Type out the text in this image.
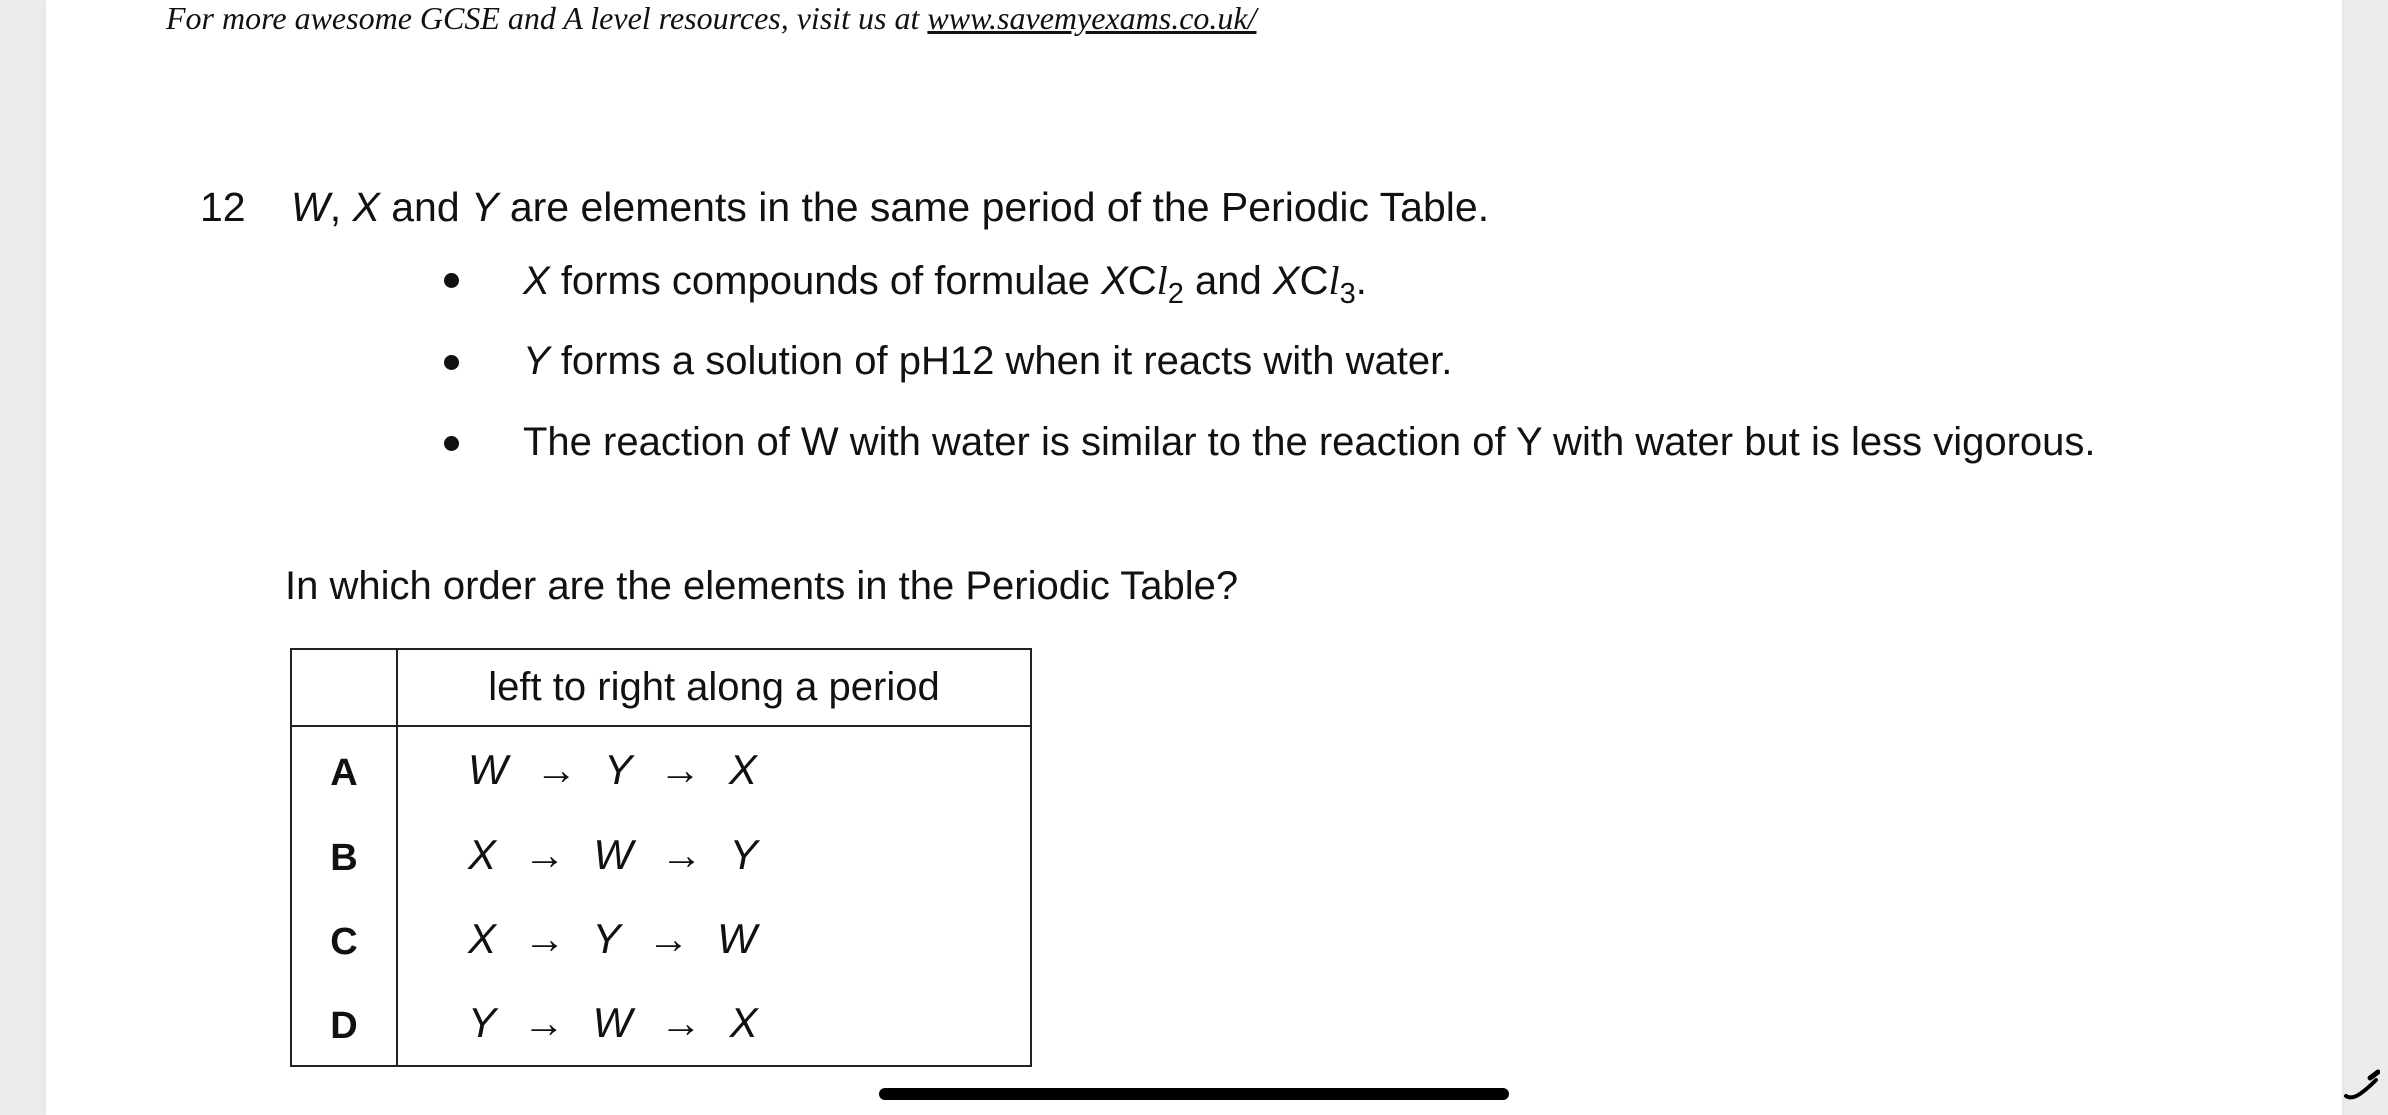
For more awesome GCSE and A level resources, visit us at www.savemyexams.co.uk/
12 W, X and Y are elements in the same period of the Periodic Table.
X forms compounds of formulae XCl$_2$ and XCl$_3$.
Y forms a solution of pH12 when it reacts with water.
The reaction of W with water is similar to the reaction of Y with water but is less vigorous.
In which order are the elements in the Periodic Table?
	left to right along a period
A	W → Y → X
B	X → W → Y
C	X → Y → W
D	Y → W → X
